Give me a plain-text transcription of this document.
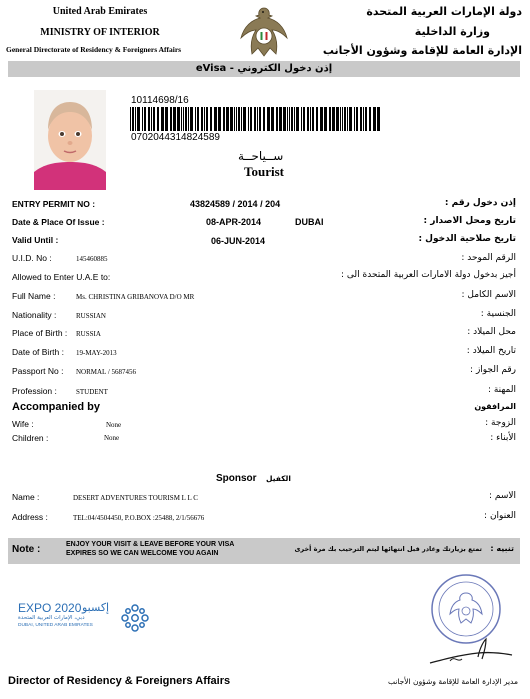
United Arab Emirates
MINISTRY OF INTERIOR
General Directorate of Residency & Foreigners Affairs
دولة الإمارات العربية المتحدة
وزارة الداخلية
الإدارة العامة للإقامة وشؤون الأجانب
eVisa - إذن دخول الكتروني
10114698/16
0702044314824589
ســياحــة
Tourist
ENTRY PERMIT NO :	43824589 / 2014 / 204	إذن دخول رقم :
Date & Place Of Issue :	08-APR-2014	DUBAI	تاريخ ومحل الاصدار :
Valid Until :	06-JUN-2014	تاريخ صلاحية الدخول :
U.I.D. No :	145460885	الرقم الموحد :
Allowed to Enter U.A.E to:	أجيز بدخول دولة الامارات العربية المتحدة الى :
Full Name :	Ms. CHRISTINA GRIBANOVA D/O MR	الاسم الكامل :
Nationality :	RUSSIAN	الجنسية :
Place of Birth : RUSSIA	محل الميلاد :
Date of Birth : 19-MAY-2013	تاريخ الميلاد :
Passport No : NORMAL / 5687456	رقم الجواز :
Profession :	STUDENT	المهنة :
Accompanied by	المرافقون
Wife :	None	الزوجة :
Children :	None	الأبناء :
Sponsor الكفيل
Name :	DESERT ADVENTURES TOURISM L L C	الاسم :
Address :	TEL:04/4504450, P.O.BOX :25488, 2/1/56676	العنوان :
Note :	ENJOY YOUR VISIT & LEAVE BEFORE YOUR VISA
EXPIRES SO WE CAN WELCOME YOU AGAIN
تمتع بزيارتك وغادر قبل انتهائها ليتم الترحيب بك مرة أخرى تنبيه :
EXPO 2020 إكسبو
دبي، الإمارات العربية المتحدة
DUBAI, UNITED ARAB EMIRATES
Director of Residency & Foreigners Affairs	مدير الإدارة العامة للإقامة وشؤون الأجانب
